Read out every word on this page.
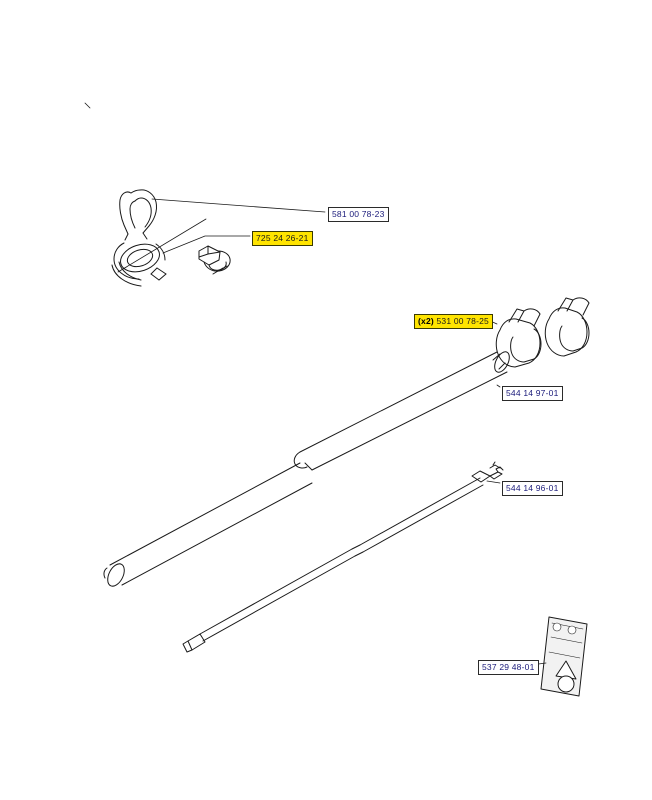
581 00 78-23
725 24 26-21
(x2) 531 00 78-25
544 14 97-01
544 14 96-01
537 29 48-01
